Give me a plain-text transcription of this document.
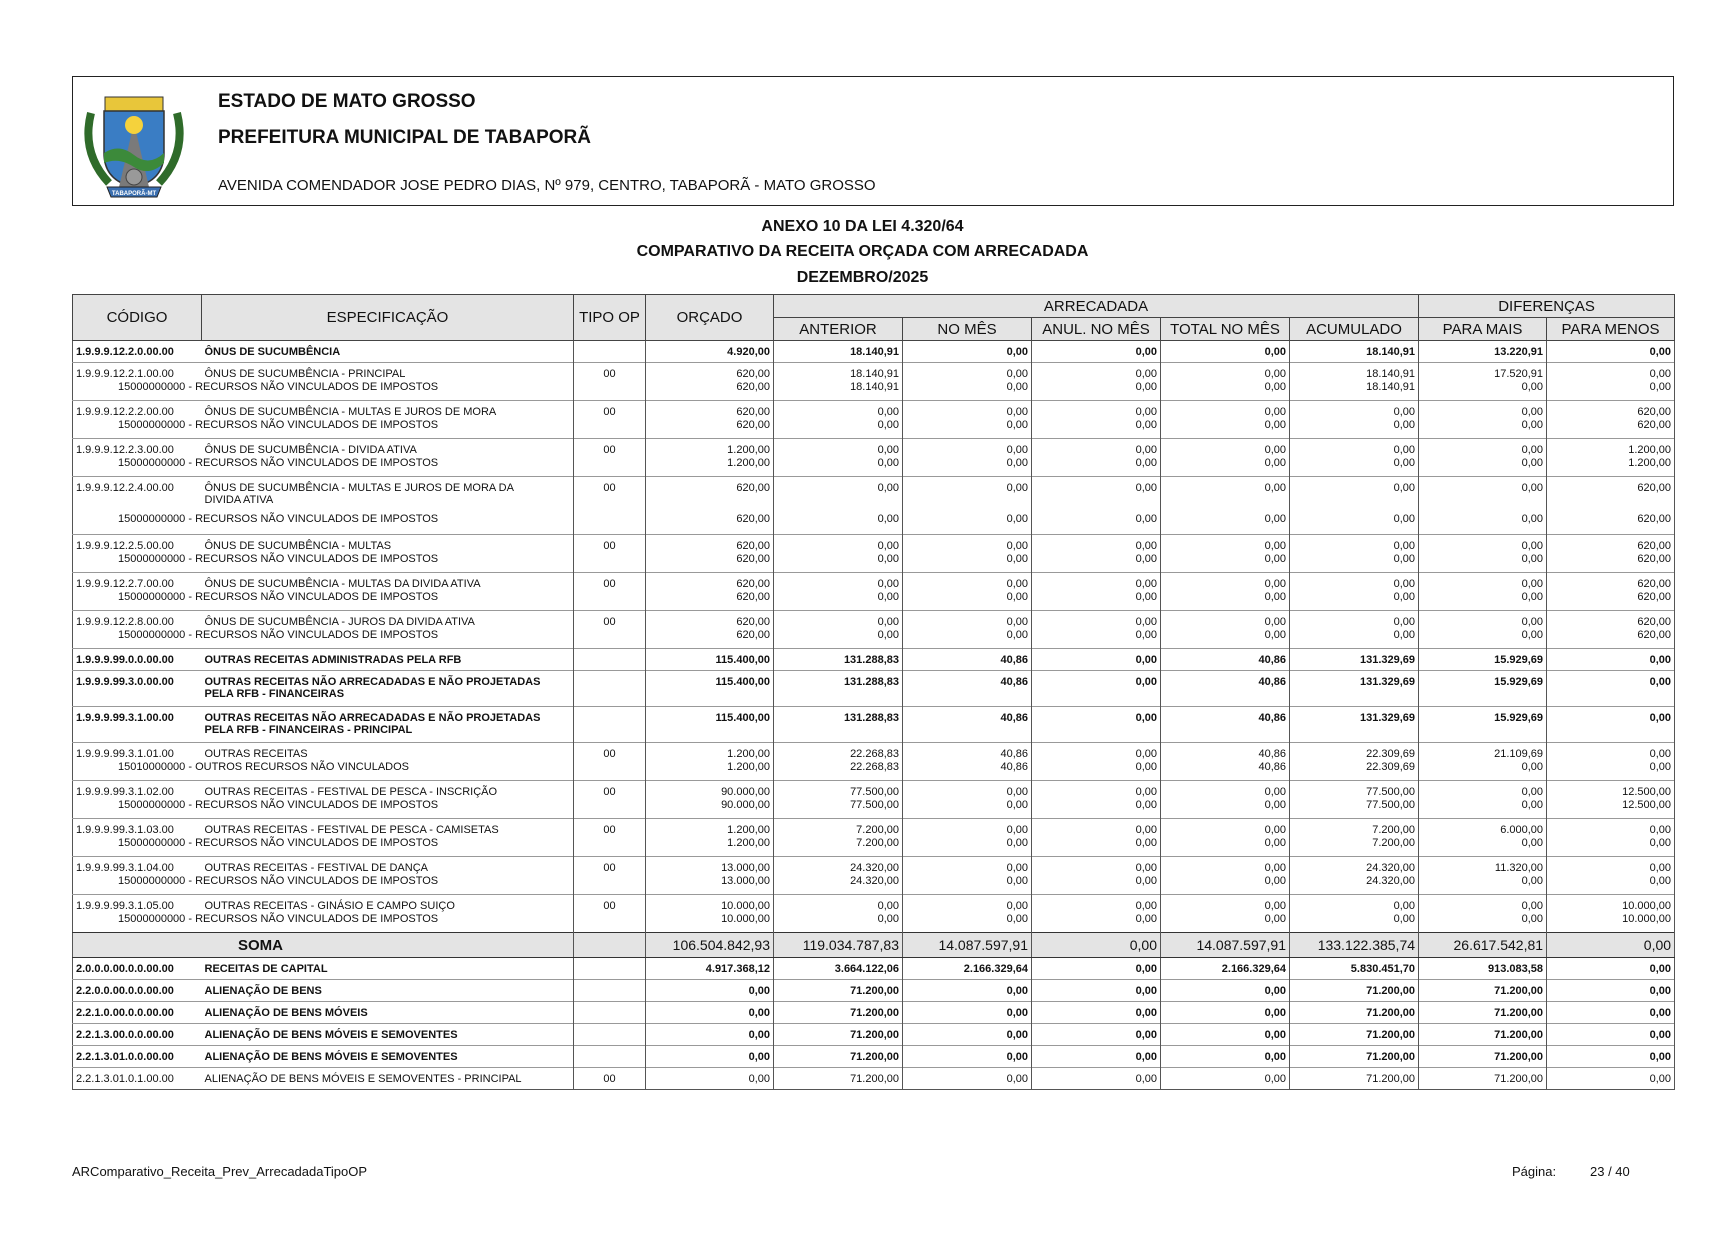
TABAPORÃ-MT
ESTADO DE MATO GROSSO
PREFEITURA MUNICIPAL DE TABAPORÃ
AVENIDA COMENDADOR JOSE PEDRO DIAS, Nº 979, CENTRO, TABAPORÃ - MATO GROSSO
ANEXO 10 DA LEI 4.320/64
COMPARATIVO DA RECEITA ORÇADA COM ARRECADADA
DEZEMBRO/2025
CÓDIGO	ESPECIFICAÇÃO	TIPO OP	ORÇADO	ARRECADADA					DIFERENÇAS	
				ANTERIOR	NO MÊS	ANUL. NO MÊS	TOTAL NO MÊS	ACUMULADO	PARA MAIS	PARA MENOS
1.9.9.9.12.2.0.00.00	ÔNUS DE SUCUMBÊNCIA		4.920,00	18.140,91	0,00	0,00	0,00	18.140,91	13.220,91	0,00
1.9.9.9.12.2.1.00.00	ÔNUS DE SUCUMBÊNCIA - PRINCIPAL	00	620,00	18.140,91	0,00	0,00	0,00	18.140,91	17.520,91	0,00

15000000000 - RECURSOS NÃO VINCULADOS DE IMPOSTOS			620,00	18.140,91	0,00	0,00	0,00	18.140,91	0,00	0,00
1.9.9.9.12.2.2.00.00	ÔNUS DE SUCUMBÊNCIA - MULTAS E JUROS DE MORA	00	620,00	0,00	0,00	0,00	0,00	0,00	0,00	620,00

15000000000 - RECURSOS NÃO VINCULADOS DE IMPOSTOS			620,00	0,00	0,00	0,00	0,00	0,00	0,00	620,00
1.9.9.9.12.2.3.00.00	ÔNUS DE SUCUMBÊNCIA - DIVIDA ATIVA	00	1.200,00	0,00	0,00	0,00	0,00	0,00	0,00	1.200,00

15000000000 - RECURSOS NÃO VINCULADOS DE IMPOSTOS			1.200,00	0,00	0,00	0,00	0,00	0,00	0,00	1.200,00
1.9.9.9.12.2.4.00.00	ÔNUS DE SUCUMBÊNCIA - MULTAS E JUROS DE MORA DA
DIVIDA ATIVA	00	620,00	0,00	0,00	0,00	0,00	0,00	0,00	620,00

15000000000 - RECURSOS NÃO VINCULADOS DE IMPOSTOS			620,00	0,00	0,00	0,00	0,00	0,00	0,00	620,00
1.9.9.9.12.2.5.00.00	ÔNUS DE SUCUMBÊNCIA - MULTAS	00	620,00	0,00	0,00	0,00	0,00	0,00	0,00	620,00

15000000000 - RECURSOS NÃO VINCULADOS DE IMPOSTOS			620,00	0,00	0,00	0,00	0,00	0,00	0,00	620,00
1.9.9.9.12.2.7.00.00	ÔNUS DE SUCUMBÊNCIA - MULTAS DA DIVIDA ATIVA	00	620,00	0,00	0,00	0,00	0,00	0,00	0,00	620,00

15000000000 - RECURSOS NÃO VINCULADOS DE IMPOSTOS			620,00	0,00	0,00	0,00	0,00	0,00	0,00	620,00
1.9.9.9.12.2.8.00.00	ÔNUS DE SUCUMBÊNCIA - JUROS DA DIVIDA ATIVA	00	620,00	0,00	0,00	0,00	0,00	0,00	0,00	620,00

15000000000 - RECURSOS NÃO VINCULADOS DE IMPOSTOS			620,00	0,00	0,00	0,00	0,00	0,00	0,00	620,00
1.9.9.9.99.0.0.00.00	OUTRAS RECEITAS ADMINISTRADAS PELA RFB		115.400,00	131.288,83	40,86	0,00	40,86	131.329,69	15.929,69	0,00
1.9.9.9.99.3.0.00.00	OUTRAS RECEITAS NÃO ARRECADADAS E NÃO PROJETADAS
PELA RFB - FINANCEIRAS		115.400,00	131.288,83	40,86	0,00	40,86	131.329,69	15.929,69	0,00
1.9.9.9.99.3.1.00.00	OUTRAS RECEITAS NÃO ARRECADADAS E NÃO PROJETADAS
PELA RFB - FINANCEIRAS - PRINCIPAL		115.400,00	131.288,83	40,86	0,00	40,86	131.329,69	15.929,69	0,00
1.9.9.9.99.3.1.01.00	OUTRAS RECEITAS	00	1.200,00	22.268,83	40,86	0,00	40,86	22.309,69	21.109,69	0,00

15010000000 - OUTROS RECURSOS NÃO VINCULADOS			1.200,00	22.268,83	40,86	0,00	40,86	22.309,69	0,00	0,00
1.9.9.9.99.3.1.02.00	OUTRAS RECEITAS - FESTIVAL DE PESCA - INSCRIÇÃO	00	90.000,00	77.500,00	0,00	0,00	0,00	77.500,00	0,00	12.500,00

15000000000 - RECURSOS NÃO VINCULADOS DE IMPOSTOS			90.000,00	77.500,00	0,00	0,00	0,00	77.500,00	0,00	12.500,00
1.9.9.9.99.3.1.03.00	OUTRAS RECEITAS - FESTIVAL DE PESCA - CAMISETAS	00	1.200,00	7.200,00	0,00	0,00	0,00	7.200,00	6.000,00	0,00

15000000000 - RECURSOS NÃO VINCULADOS DE IMPOSTOS			1.200,00	7.200,00	0,00	0,00	0,00	7.200,00	0,00	0,00
1.9.9.9.99.3.1.04.00	OUTRAS RECEITAS - FESTIVAL DE DANÇA	00	13.000,00	24.320,00	0,00	0,00	0,00	24.320,00	11.320,00	0,00

15000000000 - RECURSOS NÃO VINCULADOS DE IMPOSTOS			13.000,00	24.320,00	0,00	0,00	0,00	24.320,00	0,00	0,00
1.9.9.9.99.3.1.05.00	OUTRAS RECEITAS - GINÁSIO E CAMPO SUIÇO	00	10.000,00	0,00	0,00	0,00	0,00	0,00	0,00	10.000,00

15000000000 - RECURSOS NÃO VINCULADOS DE IMPOSTOS			10.000,00	0,00	0,00	0,00	0,00	0,00	0,00	10.000,00
SOMA			106.504.842,93	119.034.787,83	14.087.597,91	0,00	14.087.597,91	133.122.385,74	26.617.542,81	0,00
2.0.0.0.00.0.0.00.00	RECEITAS DE CAPITAL		4.917.368,12	3.664.122,06	2.166.329,64	0,00	2.166.329,64	5.830.451,70	913.083,58	0,00
2.2.0.0.00.0.0.00.00	ALIENAÇÃO DE BENS		0,00	71.200,00	0,00	0,00	0,00	71.200,00	71.200,00	0,00
2.2.1.0.00.0.0.00.00	ALIENAÇÃO DE BENS MÓVEIS		0,00	71.200,00	0,00	0,00	0,00	71.200,00	71.200,00	0,00
2.2.1.3.00.0.0.00.00	ALIENAÇÃO DE BENS MÓVEIS E SEMOVENTES		0,00	71.200,00	0,00	0,00	0,00	71.200,00	71.200,00	0,00
2.2.1.3.01.0.0.00.00	ALIENAÇÃO DE BENS MÓVEIS E SEMOVENTES		0,00	71.200,00	0,00	0,00	0,00	71.200,00	71.200,00	0,00
2.2.1.3.01.0.1.00.00	ALIENAÇÃO DE BENS MÓVEIS E SEMOVENTES - PRINCIPAL	00	0,00	71.200,00	0,00	0,00	0,00	71.200,00	71.200,00	0,00
ARComparativo_Receita_Prev_ArrecadadaTipoOP	Página:	23 / 40
